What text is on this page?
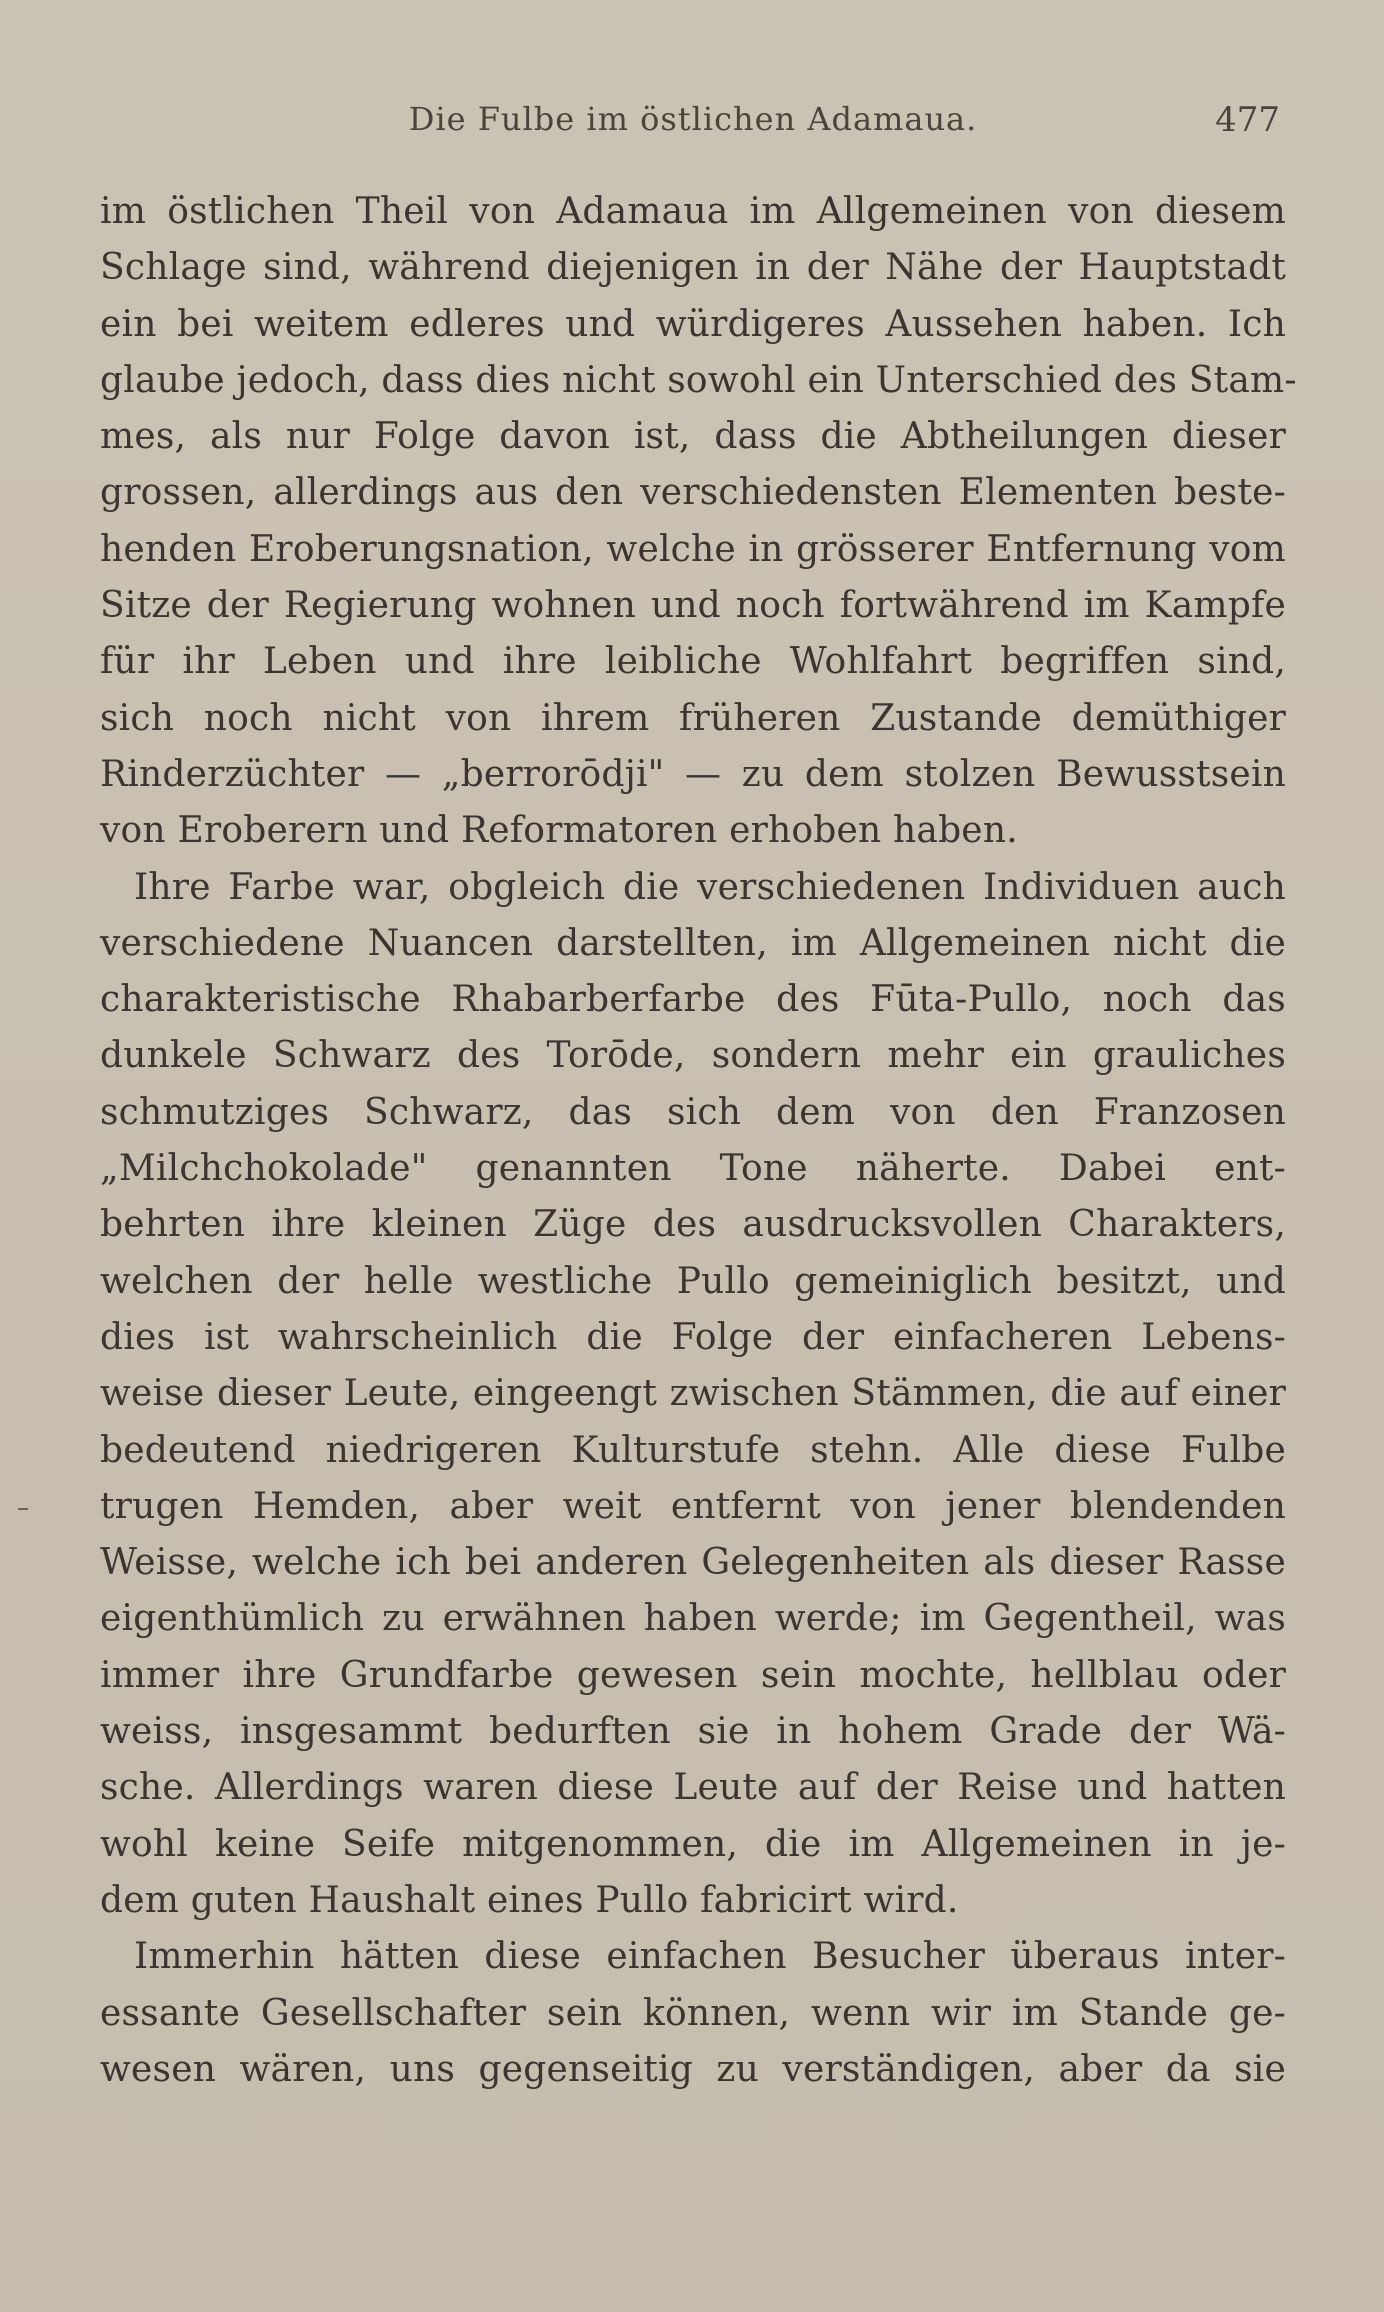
Die Fulbe im östlichen Adamaua.	477
im östlichen Theil von Adamaua im Allgemeinen von diesem
Schlage sind, während diejenigen in der Nähe der Hauptstadt
ein bei weitem edleres und würdigeres Aussehen haben. Ich
glaube jedoch, dass dies nicht sowohl ein Unterschied des Stam-
mes, als nur Folge davon ist, dass die Abtheilungen dieser
grossen, allerdings aus den verschiedensten Elementen beste-
henden Eroberungsnation, welche in grösserer Entfernung vom
Sitze der Regierung wohnen und noch fortwährend im Kampfe
für ihr Leben und ihre leibliche Wohlfahrt begriffen sind,
sich noch nicht von ihrem früheren Zustande demüthiger
Rinderzüchter — „berrorōdji" — zu dem stolzen Bewusstsein
von Eroberern und Reformatoren erhoben haben.
Ihre Farbe war, obgleich die verschiedenen Individuen auch
verschiedene Nuancen darstellten, im Allgemeinen nicht die
charakteristische Rhabarberfarbe des Fūta-Pullo, noch das
dunkele Schwarz des Torōde, sondern mehr ein grauliches
schmutziges Schwarz, das sich dem von den Franzosen
„Milchchokolade" genannten Tone näherte. Dabei ent-
behrten ihre kleinen Züge des ausdrucksvollen Charakters,
welchen der helle westliche Pullo gemeiniglich besitzt, und
dies ist wahrscheinlich die Folge der einfacheren Lebens-
weise dieser Leute, eingeengt zwischen Stämmen, die auf einer
bedeutend niedrigeren Kulturstufe stehn. Alle diese Fulbe
trugen Hemden, aber weit entfernt von jener blendenden
Weisse, welche ich bei anderen Gelegenheiten als dieser Rasse
eigenthümlich zu erwähnen haben werde; im Gegentheil, was
immer ihre Grundfarbe gewesen sein mochte, hellblau oder
weiss, insgesammt bedurften sie in hohem Grade der Wä-
sche. Allerdings waren diese Leute auf der Reise und hatten
wohl keine Seife mitgenommen, die im Allgemeinen in je-
dem guten Haushalt eines Pullo fabricirt wird.
Immerhin hätten diese einfachen Besucher überaus inter-
essante Gesellschafter sein können, wenn wir im Stande ge-
wesen wären, uns gegenseitig zu verständigen, aber da sie
